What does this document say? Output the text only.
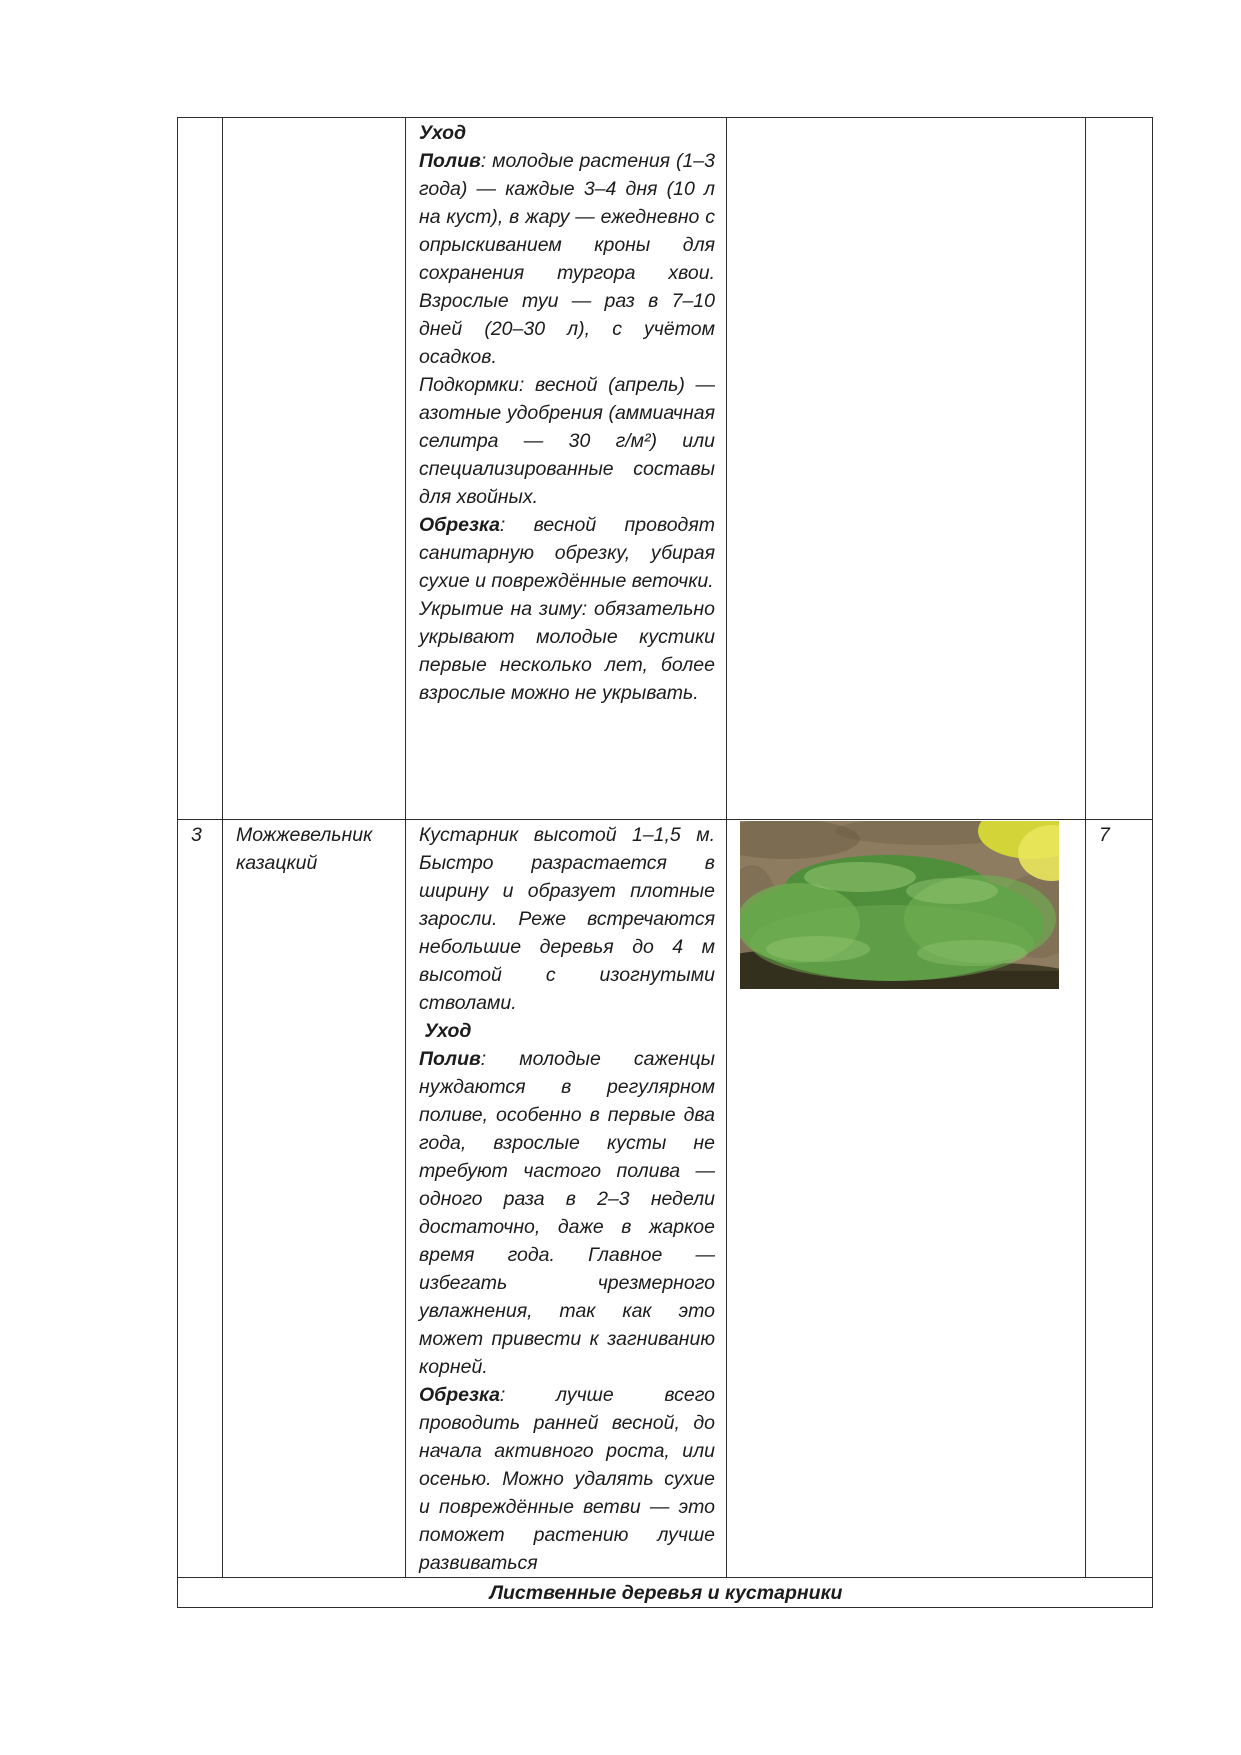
		Уход

Полив: молодые растения (1–3 года) — каждые 3–4 дня (10 л на куст), в жару — ежедневно с опрыскиванием кроны для сохранения тургора хвои. Взрослые туи — раз в 7–10 дней (20–30 л), с учётом осадков.

Подкормки: весной (апрель) — азотные удобрения (аммиачная селитра — 30 г/м²) или специализированные составы для хвойных.

Обрезка: весной проводят санитарную обрезку, убирая сухие и повреждённые веточки.

Укрытие на зиму: обязательно укрывают молодые кустики первые несколько лет, более взрослые можно не укрывать.		

3	Можжевельник казацкий	Кустарник высотой 1–1,5 м. Быстро разрастается в ширину и образует плотные заросли. Реже встречаются небольшие деревья до 4 м высотой с изогнутыми стволами.

Уход

Полив: молодые саженцы нуждаются в регулярном поливе, особенно в первые два года, взрослые кусты не требуют частого полива — одного раза в 2–3 недели достаточно, даже в жаркое время года. Главное — избегать чрезмерного увлажнения, так как это может привести к загниванию корней.

Обрезка: лучше всего проводить ранней весной, до начала активного роста, или осенью. Можно удалять сухие и повреждённые ветви — это поможет растению лучше развиваться		7
Лиственные деревья и кустарники				
